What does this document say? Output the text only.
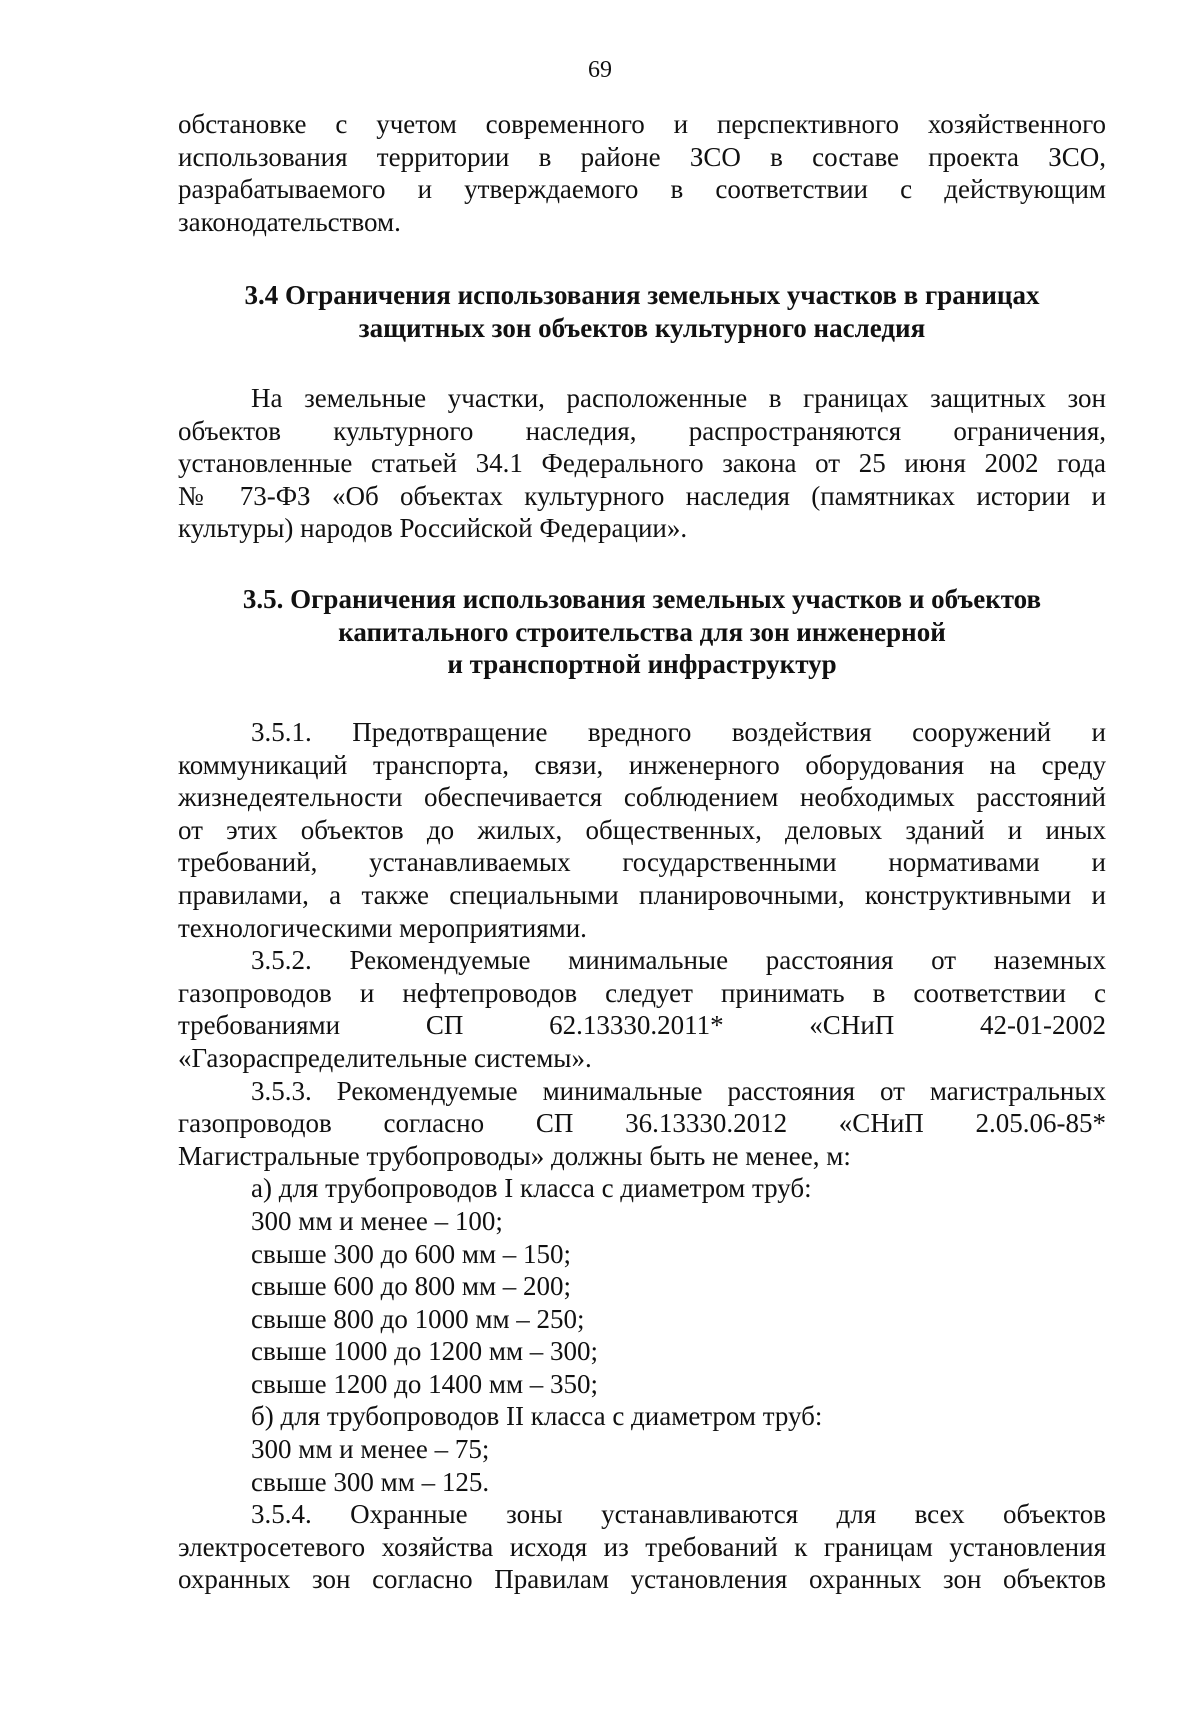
69
обстановке с учетом современного и перспективного хозяйственного
использования территории в районе ЗСО в составе проекта ЗСО,
разрабатываемого и утверждаемого в соответствии с действующим
законодательством.
3.4 Ограничения использования земельных участков в границах
защитных зон объектов культурного наследия
На земельные участки, расположенные в границах защитных зон
объектов культурного наследия, распространяются ограничения,
установленные статьей 34.1 Федерального закона от 25 июня 2002 года
№ 73-ФЗ «Об объектах культурного наследия (памятниках истории и
культуры) народов Российской Федерации».
3.5. Ограничения использования земельных участков и объектов
капитального строительства для зон инженерной
и транспортной инфраструктур
3.5.1. Предотвращение вредного воздействия сооружений и
коммуникаций транспорта, связи, инженерного оборудования на среду
жизнедеятельности обеспечивается соблюдением необходимых расстояний
от этих объектов до жилых, общественных, деловых зданий и иных
требований, устанавливаемых государственными нормативами и
правилами, а также специальными планировочными, конструктивными и
технологическими мероприятиями.
3.5.2. Рекомендуемые минимальные расстояния от наземных
газопроводов и нефтепроводов следует принимать в соответствии с
требованиями СП 62.13330.2011* «СНиП 42-01-2002
«Газораспределительные системы».
3.5.3. Рекомендуемые минимальные расстояния от магистральных
газопроводов согласно СП 36.13330.2012 «СНиП 2.05.06-85*
Магистральные трубопроводы» должны быть не менее, м:
а) для трубопроводов I класса с диаметром труб:
300 мм и менее – 100;
свыше 300 до 600 мм – 150;
свыше 600 до 800 мм – 200;
свыше 800 до 1000 мм – 250;
свыше 1000 до 1200 мм – 300;
свыше 1200 до 1400 мм – 350;
б) для трубопроводов II класса с диаметром труб:
300 мм и менее – 75;
свыше 300 мм – 125.
3.5.4. Охранные зоны устанавливаются для всех объектов
электросетевого хозяйства исходя из требований к границам установления
охранных зон согласно Правилам установления охранных зон объектов
